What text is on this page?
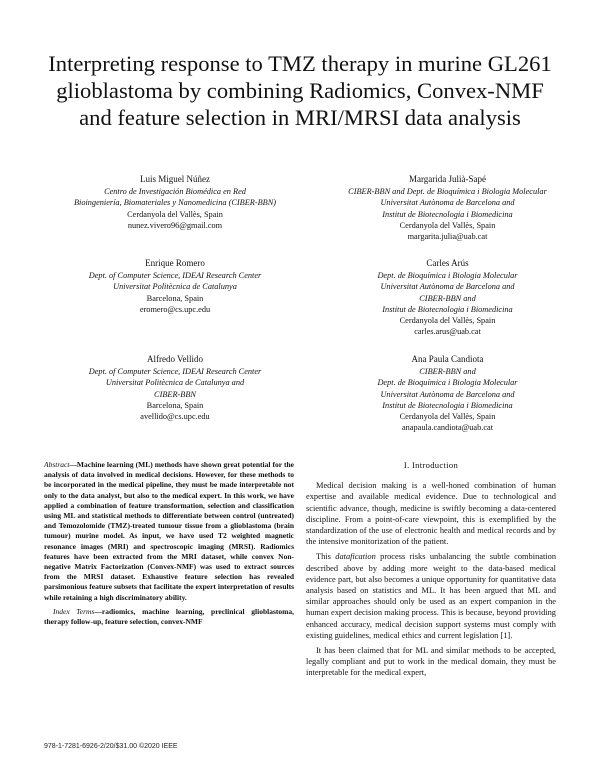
Interpreting response to TMZ therapy in murine GL261 glioblastoma by combining Radiomics, Convex-NMF and feature selection in MRI/MRSI data analysis
Luis Miguel Núñez
Centro de Investigación Biomédica en Red
Bioingeniería, Biomateriales y Nanomedicina (CIBER-BBN)
Cerdanyola del Vallès, Spain
nunez.vivero96@gmail.com
Margarida Julià-Sapé
CIBER-BBN and Dept. de Bioquímica i Biologia Molecular
Universitat Autònoma de Barcelona and
Institut de Biotecnologia i Biomedicina
Cerdanyola del Vallès, Spain
margarita.julia@uab.cat
Enrique Romero
Dept. of Computer Science, IDEAI Research Center
Universitat Politècnica de Catalunya
Barcelona, Spain
eromero@cs.upc.edu
Carles Arús
Dept. de Bioquímica i Biologia Molecular
Universitat Autònoma de Barcelona and
CIBER-BBN and
Institut de Biotecnologia i Biomedicina
Cerdanyola del Vallès, Spain
carles.arus@uab.cat
Alfredo Vellido
Dept. of Computer Science, IDEAI Research Center
Universitat Politècnica de Catalunya and
CIBER-BBN
Barcelona, Spain
avellido@cs.upc.edu
Ana Paula Candiota
CIBER-BBN and
Dept. de Bioquímica i Biologia Molecular
Universitat Autònoma de Barcelona and
Institut de Biotecnologia i Biomedicina
Cerdanyola del Vallès, Spain
anapaula.candiota@uab.cat
Abstract—Machine learning (ML) methods have shown great potential for the analysis of data involved in medical decisions. However, for these methods to be incorporated in the medical pipeline, they must be made interpretable not only to the data analyst, but also to the medical expert. In this work, we have applied a combination of feature transformation, selection and classification using ML and statistical methods to differentiate between control (untreated) and Temozolomide (TMZ)-treated tumour tissue from a glioblastoma (brain tumour) murine model. As input, we have used T2 weighted magnetic resonance images (MRI) and spectroscopic imaging (MRSI). Radiomics features have been extracted from the MRI dataset, while convex Non-negative Matrix Factorization (Convex-NMF) was used to extract sources from the MRSI dataset. Exhaustive feature selection has revealed parsimonious feature subsets that facilitate the expert interpretation of results while retaining a high discriminatory ability.
Index Terms—radiomics, machine learning, preclinical glioblastoma, therapy follow-up, feature selection, convex-NMF
I. Introduction

Medical decision making is a well-honed combination of human expertise and available medical evidence. Due to technological and scientific advance, though, medicine is swiftly becoming a data-centered discipline. From a point-of-care viewpoint, this is exemplified by the standardization of the use of electronic health and medical records and by the intensive monitorization of the patient.

This datafication process risks unbalancing the subtle combination described above by adding more weight to the data-based medical evidence part, but also becomes a unique opportunity for quantitative data analysis based on statistics and ML. It has been argued that ML and similar approaches should only be used as an expert companion in the human expert decision making process. This is because, beyond providing enhanced accuracy, medical decision support systems must comply with existing guidelines, medical ethics and current legislation [1].

It has been claimed that for ML and similar methods to be accepted, legally compliant and put to work in the medical domain, they must be interpretable for the medical expert,

978-1-7281-6926-2/20/$31.00 ©2020 IEEE
